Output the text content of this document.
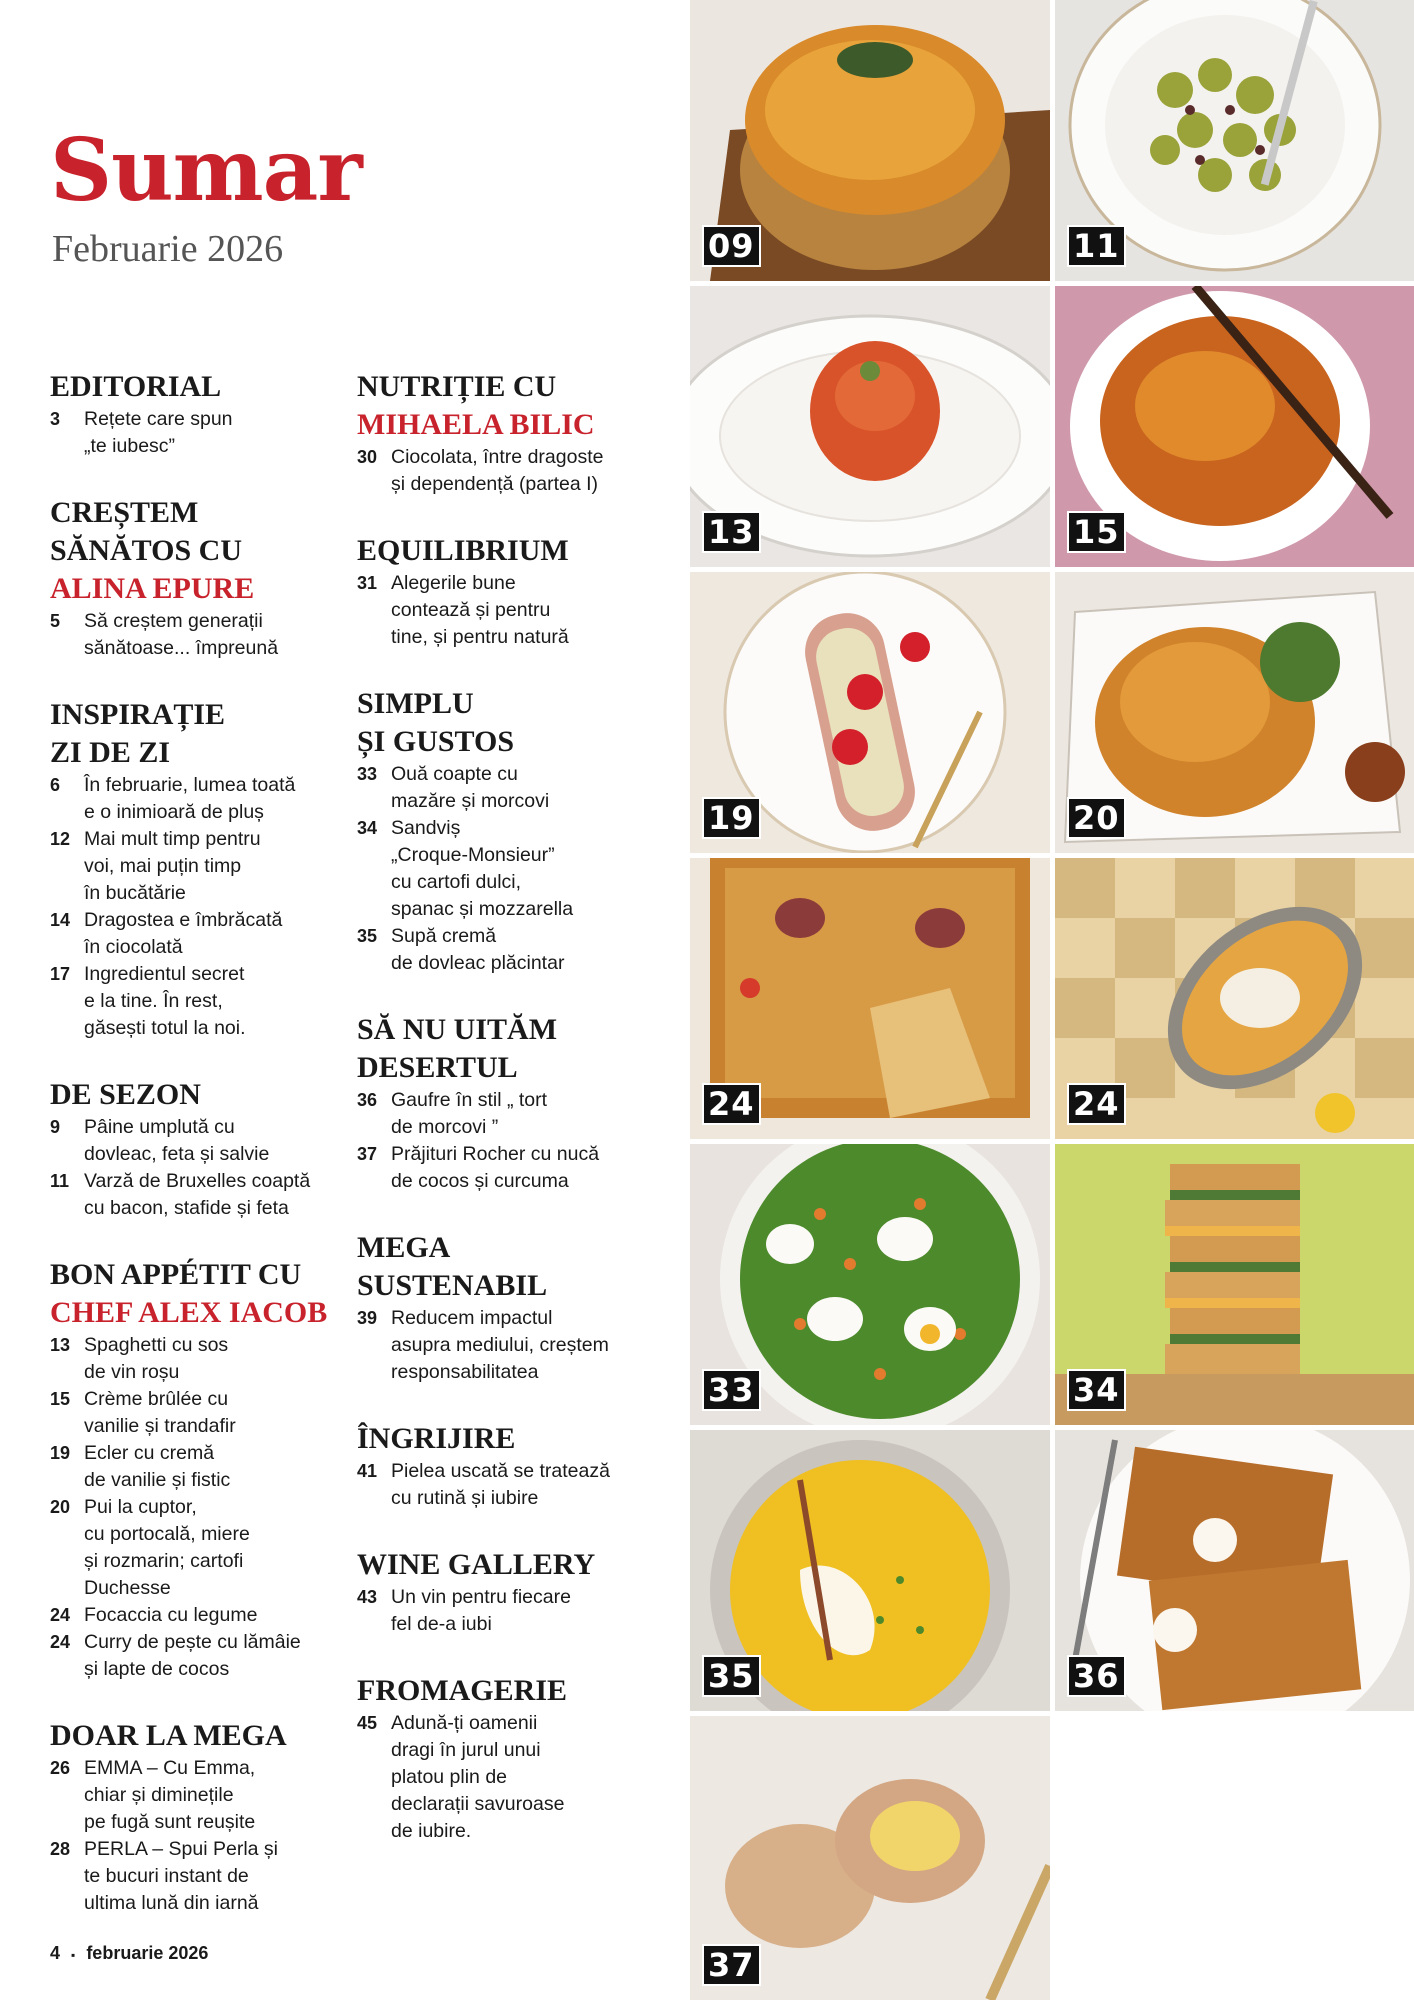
Sumar
Februarie 2026
EDITORIAL
3	Rețete care spun
„te iubesc”
CREȘTEM
SĂNĂTOS CU
ALINA EPURE
5	Să creștem generații
sănătoase... împreună
INSPIRAȚIE
ZI DE ZI
6	În februarie, lumea toată
e o inimioară de pluș
12 Mai mult timp pentru
voi, mai puțin timp
în bucătărie
14 Dragostea e îmbrăcată
în ciocolată
17 Ingredientul secret
e la tine. În rest,
găsești totul la noi.
DE SEZON
9	Pâine umplută cu
dovleac, feta și salvie
11 Varză de Bruxelles coaptă
cu bacon, stafide și feta
BON APPÉTIT CU
CHEF ALEX IACOB
13 Spaghetti cu sos
de vin roșu
15 Crème brûlée cu
vanilie și trandafir
19 Ecler cu cremă
de vanilie și fistic
20 Pui la cuptor,
cu portocală, miere
și rozmarin; cartofi
Duchesse
24 Focaccia cu legume
24 Curry de pește cu lămâie
și lapte de cocos
DOAR LA MEGA
26 EMMA – Cu Emma,
chiar și diminețile
pe fugă sunt reușite
28 PERLA – Spui Perla și
te bucuri instant de
ultima lună din iarnă
NUTRIȚIE CU
MIHAELA BILIC
30 Ciocolata, între dragoste
și dependență (partea I)
EQUILIBRIUM
31 Alegerile bune
contează și pentru
tine, și pentru natură
SIMPLU
ȘI GUSTOS
33 Ouă coapte cu
mazăre și morcovi
34 Sandviș
„Croque-Monsieur”
cu cartofi dulci,
spanac și mozzarella
35 Supă cremă
de dovleac plăcintar
SĂ NU UITĂM
DESERTUL
36 Gaufre în stil „ tort
de morcovi ”
37 Prăjituri Rocher cu nucă
de cocos și curcuma
MEGA
SUSTENABIL
39 Reducem impactul
asupra mediului, creștem
responsabilitatea
ÎNGRIJIRE
41 Pielea uscată se tratează
cu rutină și iubire
WINE GALLERY
43 Un vin pentru fiecare
fel de-a iubi
FROMAGERIE
45 Adună-ți oamenii
dragi în jurul unui
platou plin de
declarații savuroase
de iubire.
09	11
13	15
19	20
24	24
33	34
35	36
37
4 ▪ februarie 2026
